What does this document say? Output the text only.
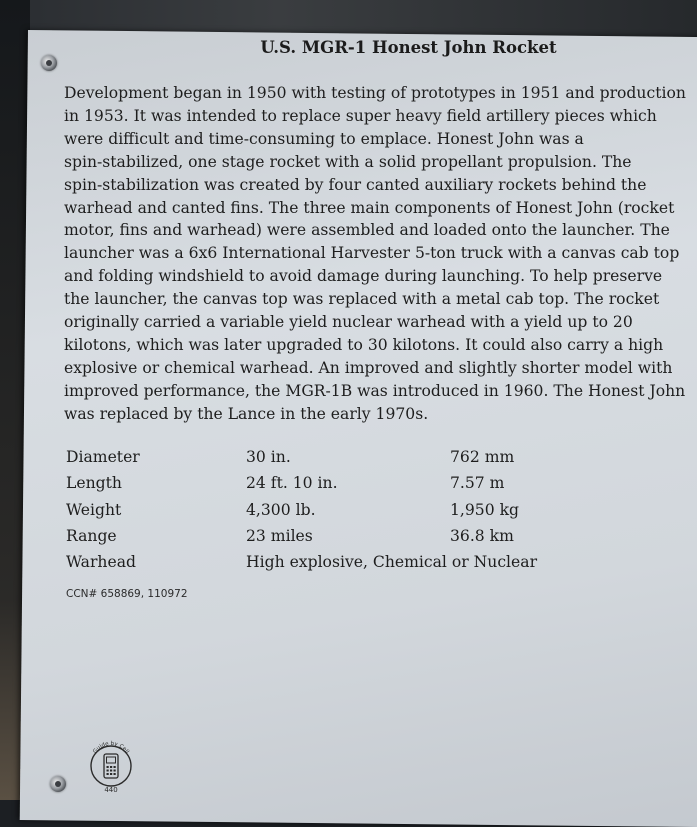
U.S. MGR-1 Honest John Rocket
Development began in 1950 with testing of prototypes in 1951 and production
in 1953. It was intended to replace super heavy field artillery pieces which
were difficult and time-consuming to emplace. Honest John was a
spin-stabilized, one stage rocket with a solid propellant propulsion. The
spin-stabilization was created by four canted auxiliary rockets behind the
warhead and canted fins. The three main components of Honest John (rocket
motor, fins and warhead) were assembled and loaded onto the launcher. The
launcher was a 6x6 International Harvester 5-ton truck with a canvas cab top
and folding windshield to avoid damage during launching. To help preserve
the launcher, the canvas top was replaced with a metal cab top. The rocket
originally carried a variable yield nuclear warhead with a yield up to 20
kilotons, which was later upgraded to 30 kilotons. It could also carry a high
explosive or chemical warhead. An improved and slightly shorter model with
improved performance, the MGR-1B was introduced in 1960. The Honest John
was replaced by the Lance in the early 1970s.
Diameter	30 in.	762 mm
Length	24 ft. 10 in.	7.57 m
Weight	4,300 lb.	1,950 kg
Range	23 miles	36.8 km
Warhead	High explosive, Chemical or Nuclear
CCN# 658869, 110972
Guide by Cell
440
